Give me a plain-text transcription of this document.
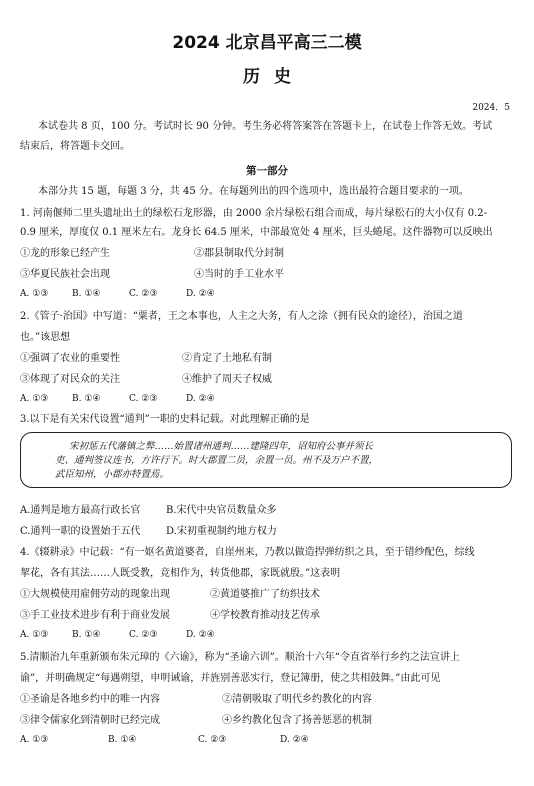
2024 北京昌平高三二模
历史
2024．5
本试卷共 8 页，100 分。考试时长 90 分钟。考生务必将答案答在答题卡上，在试卷上作答无效。考试
结束后，将答题卡交回。
第一部分
本部分共 15 题，每题 3 分，共 45 分。在每题列出的四个选项中，选出最符合题目要求的一项。
1. 河南偃师二里头遗址出土的绿松石龙形器，由 2000 余片绿松石组合而成，每片绿松石的大小仅有 0.2-
0.9 厘米，厚度仅 0.1 厘米左右。龙身长 64.5 厘米，中部最宽处 4 厘米，巨头蜷尾。这件器物可以反映出
①龙的形象已经产生	②郡县制取代分封制
③华夏民族社会出现	④当时的手工业水平
A. ①③	B. ①④	C. ②③	D. ②④
2.《管子·治国》中写道：“粟者，王之本事也，人主之大务，有人之涂（拥有民众的途径），治国之道
也。”该思想
①强调了农业的重要性	②肯定了土地私有制
③体现了对民众的关注	④维护了周天子权威
A. ①③	B. ①④	C. ②③	D. ②④
3.以下是有关宋代设置“通判”一职的史料记载。对此理解正确的是
宋初惩五代藩镇之弊……始置诸州通判……建隆四年，诏知府公事并须长
吏、通判签议连书，方许行下。时大郡置二员，余置一员。州不及万户不置，
武臣知州，小郡亦特置焉。
A.通判是地方最高行政长官	B.宋代中央官员数量众多
C.通判一职的设置始于五代	D.宋初重视制约地方权力
4.《辍耕录》中记载：“有一妪名黄道婆者，自崖州来，乃教以做造捍弹纺织之具，至于错纱配色，综线
挈花，各有其法……人既受教，竞相作为，转货他郡，家既就殷。”这表明
①大规模使用雇佣劳动的现象出现	②黄道婆推广了纺织技术
③手工业技术进步有利于商业发展	④学校教育推动技艺传承
A. ①③	B. ①④	C. ②③	D. ②④
5.清顺治九年重新颁布朱元璋的《六谕》，称为“圣谕六训”。顺治十六年“令直省举行乡约之法宣讲上
谕”，并明确规定“每遇朔望，申明诫谕，并旌别善恶实行，登记簿册，使之共相鼓舞。”由此可见
①圣谕是各地乡约中的唯一内容	②清朝吸取了明代乡约教化的内容
③律令儒家化到清朝时已经完成	④乡约教化包含了扬善惩恶的机制
A. ①③	B. ①④	C. ②③	D. ②④
